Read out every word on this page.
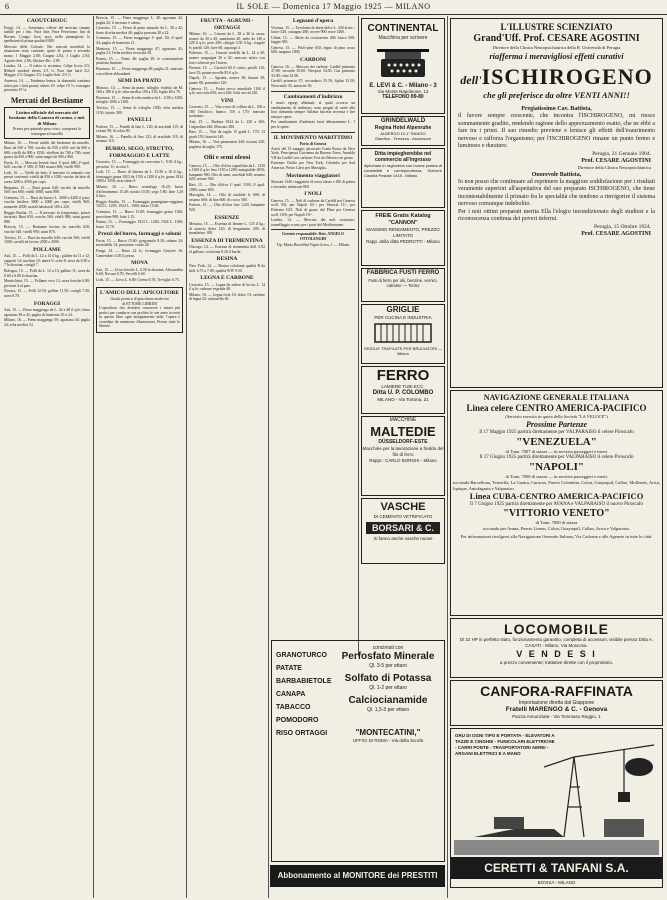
6	IL SOLE — Domenica 17 Maggio 1925 — MILANO
CAOUTCHOUC

Parigi, 14. — Sostenuto; offerte del mercato rimane stabile per i fini. Para fine; Para Peruviano; fini di Borneo, Congo; Java; noci; nelle piantagioni; le spedizioni di prima qualità 8.800.

Mercato delle Colonie. Nei mercati mondiali la situazione resta costante; quote di prima e seconda mano; 1 Maggio 2.80; Giugno 2.82; 1 Luglio 2.84; Agosto-Sett. 2.86; Ottobre-Dic. 2.90.

Londra, 14. — Il rialzo si accentua. Crêpe liscio 2/3; Ribbed smoked sheets 2/3 ¼; Para fine hard 2/2; Maggio 2/3; Giugno 2/3; Luglio-Sett. 2/3 ½.

Anversa, 14. — Tendenza ferma; la domanda continua attiva per i lotti pronti; sheets 19; crêpe 19 ½; consegna prossima 19 ¼.

Mercati del Bestiame
Listino ufficiale del mercato del bestiame della Camera di comm. e ind. di Milano
Prezzi per quintale peso vivo, compresa la consegna al macello

Milano, 16. — Prezzi stabili del bestiame da macello. Buoi da 650 a 700; vacche da 550 a 650; tori da 600 a 680; vitelli da 900 a 1050; vitelloni da 700 a 780; suini grassi da 850 a 900; suini magri da 900 a 960.

Pavia, 15. — Mercato bovini: buoi 1ª qual. 680; 2ª qual. 620; vacche 1ª 580; 2ª 500; manzi 600; vitelli 980.

Lodi, 16. — Vitelli da latte, il mercato fu animato con prezzi sostenuti; vitelli da 950 a 1050; vacche da latte di razza 3200 a 4500 per capo.

Bergamo, 15. — Buoi grassi 640; vacche da macello 560; tori 600; vitelli 1000; suini 880.

Cremona, 15. — Buoi da lavoro L. 3600 a 4200 il paio; vacche lattifere 3000 a 4000 per capo; vitelli 960; manzette 2000; maiali lattonzoli 180 a 220.

Reggio Emilia, 15. — Il mercato fu frequentato; prezzi invariati. Buoi 650; vacche 560; vitelli 980; suini grassi 880.

Brescia, 15. — Bestiame bovino da macello 620; vacche 540; vitelli 990; suini 870.

Treviso, 15. — Buoi da macello 640; vacche 560; vitelli 1000; cavalli da lavoro 2500 a 4500.

POLLAME

Asti, 15. — Polli da L. 12 a 14 il kg.; galline da 11 a 12; capponi 14; tacchini 10; anitre 9; oche 8; uova da 6.50 a 7 la dozzina; conigli 7.

Bologna, 15. — Polli da L. 12 a 13; galline 11; uova da 6.60 a 6.80 la dozzina.

Montichiari, 15. — Pollame vivo 12; uova fresche 6.80; piccioni 4 al paio.

Novara, 15. — Polli 12.50; galline 11.50; conigli 7.50; uova 6.70.

FORAGGI

Asti, 15. — Fieno maggengo da L. 42 a 48 il q.le; fieno agostano 38 a 42; paglia di frumento 20 a 24.

Milano, 16. — Fieno maggengo 50; agostano 44; paglia 24; erba medica 52.

Brescia, 15. — Fieno maggengo L. 48; agostano 42; paglia 22; il mercato è calmo.

Grosseto, 15. — Fieno di prato naturale da L. 38 a 42; fieno di erba medica 46; paglia pressata 20 a 22.

Cremona, 15. — Fieno maggengo 1ª qual. 50; 2ª qual. 44; paglia di frumento 21.

Mantova, 15. — Fieno maggengo 47; agostano 41; paglia 21; l'erba medica ricercata 50.

Parma, 15. — Fieno 46; paglia 20; le contrattazioni piuttosto limitate.

Piacenza, 15. — Fieno maggengo 48; paglia 21; mercato con offerte abbondanti.

SEMI DA PRATO

Monaco, 14. — Semi da prato: trifoglio violetto da M. 160 a 180 il q.le; erba medica 190 a 210; loglio 60 a 70.

Piacenza, 15. — Seme di erba medica da L. 1100 a 1200; trifoglio 1000 a 1100.

Treviso, 15. — Seme di trifoglio 1050; erba medica 1150; loietto 380.

PANELLI

Padova, 15. — Panelli di lino L. 120; di arachide 115; di cotone 98; di colza 80.

Milano, 16. — Panello di lino 122; di arachide 118; di sesamo 110.

BURRO, SEGO, STRUTTO, FORMAGGIO E LATTE

Grosseto, 15. — Formaggio in crescenza L. 9.50 il kg.; pecorino 11; ricotta 5.

Lodi, 15. — Burro di latteria da L. 15.50 a 16 il kg.; formaggio grana 1923 da 1150 a 1200 il q.le; grana 1924 1000 a 1050; stracchino 9.

Milano, 16. — Burro centrifuga 16.20; burro d'affioramento 15.40; strutto 10.50; sego 5.80; latte 1.20 il litro.

Reggio Emilia, 15. — Formaggio parmigiano-reggiano 1923 L. 1250; 1924 L. 1080; burro 15.60.

Cremona, 15. — Burro 15.80; formaggio grana 1100; provolone 980; latte 1.15.

Parma, 15. — Formaggio 1923 L. 1260; 1924 L. 1100; burro 15.70.

Prezzi del burro, formaggi e salumi

Pavia, 15. — Burro 15.60; gorgonzola 9.20; salame 24; mortadella 14; prosciutto crudo 28.

Parigi, 14. — Burro 22 fr.; formaggio Gruyère 16; Camembert 4.50 il pezzo.

MOVA

Asti, 15. — Uova fresche L. 6.50 la dozzina; Alessandria 6.60; Novara 6.70; Vercelli 6.60.

Lodi, 15. — Uova L. 6.80; Crema 6.70; Treviglio 6.75.

L'AMICO DELL'APICOLTORE
Guida pratica d'apicoltura moderna
di ETTORE LIBRINI

L'apicoltore che desidera conoscere i mezzi più pratici per condurre con profitto le sue arnie troverà in questo libro ogni insegnamento utile; l'opera è corredata da numerose illustrazioni. Presso tutte le librerie.

FRUTTA - AGRUMI - ORTAGGI

Milano, 16. — Limoni da L. 28 a 36 la cassa; arance da 30 a 45; mandarini 40; mele da 140 a 220 il q.le; pere 200; ciliegie 3.50 il kg.; fragole 6; piselli 120; fave 60; asparagi 4.

Palermo, 15. — Limoni verdelli da L. 24 a 30; arance sanguigne 36 a 42; mercato attivo con forti richieste per l'estero.

Firenze, 15. — Carciofi 60 il cento; piselli 110; fave 55; patate novelle 85 il q.le.

Napoli, 15. — Agrumi, arance 38; limoni 30; patate 80; pomodori 120.

Genova, 15. — Frutta secca: mandorle 1100 il q.le; nocciole 650; noci 420; fichi secchi 220.

VINI

Grosseto, 15. — Vino rosso di collina da L. 160 a 180 l'ettolitro; bianco 150 a 170; mercato sostenuto.

Asti, 15. — Barbera 1924 da L. 220 a 260; Grignolino 240; Moscato 280.

Bari, 15. — Vini da taglio 15 gradi L. 170; 13 gradi 150; bianchi 140.

Milano, 16. — Vini piemontesi 240; toscani 220; pugliesi da taglio 175.

Olii e semi oleosi

Genova, 15. — Olio d'oliva sopraffino da L. 1250 a 1300 il q.le; fino 1150 a 1200; mangiabile 1050; lampante 900. Olio di semi: arachide 640; sesamo 620; cotone 560.

Bari, 15. — Olio d'oliva 1ª qual. 1180; 2ª qual. 1080; sanse 600.

Marsiglia, 14. — Olio di arachide fr. 680; di sesamo 660; di lino 600; di cocco 580.

Padova, 15. — Olio d'oliva fino 1220; lampante 920.

ESSENZE

Messina, 15. — Essenza di limone L. 125 il kg.; di arancio dolce 120; di bergamotto 205; di mandarino 180.

ESSENZA DI TREMENTINA

Chicago, 14. — Essenza di trementina doll. 0.82 al gallone; colofonia 8.20 il barile.

RESINA

New York, 14. — Resina colofonia qualità B da doll. 6.75 a 7.00; qualità WW 9.50.

LEGNA E CARBONE

Grosseto, 15. — Legna da ardere di leccio L. 14 il q.le; carbone vegetale 48.

Milano, 16. — Legna forte 16; dolce 13; carbone di legna 52; carbonella 40.

Legnami d'opera

Vicenza, 15. — Tavolame di abete dolce L. 420 al mc.; larice 520; castagno 480; rovere 900; noce 1400.

Udine, 15. — Abete da costruzione 400; larice 500; faggio 380.

Genova, 15. — Pitch-pine 650; legno di pino rosso 600; mogano 1800.

CARBONI

Genova, 16. — Mercato dei carboni: Cardiff primario 37.00; secondo 35.60; Newport 34.50; Gas primario 33.00; coke 41.00.

Cardiff primario 37; secondario 35.50; Splint 33.50; Newcastle 33; antracite 50.

Cambiamenti d'indirizzo

I nostri egregi abbonati, ai quali occorra un cambiamento di indirizzo, sono pregati di unire alla loro domanda sempre l'ultima fascetta ricevuta e lire una per spese.

Per cambiamenti d'indirizzo fuori abbonamento L. 1 per le spese.

IL MOVIMENTO MARITTIMO
Porto di Genova

Arrivi del 15 maggio: piroscafo Conte Rosso da New York; Principessa Giovanna da Buenos Aires; Ansaldo VII da Cardiff con carbone; Fert da Odessa con grano.

Partenze: Duilio per New York; Colombo per Sud America; Pietro Calvi per Marsiglia.

Movimento viaggiatori

Sbarcati 1240 viaggiatori di terza classe e 180 di prima e seconda; imbarcati 860.

I NOLI

Genova, 15. — Noli di carbone da Cardiff per Genova scell. 9/6; per Napoli 10/-; per Venezia 11/-; per Palermo 10/3. Noli di grano dal Plata per Genova scell. 18/6; per Napoli 19/-.

Londra, 14. — Mercato dei noli sostenuto; tonnellaggio scarso per i porti del Mediterraneo.

Gerente responsabile: Dott. ANGELO OTTOLENGHI

Tip. Mario Borsellini Vigna Greco, 1 — Milano

CONTINENTAL
Macchina per scrivere
E. LEVI & C. - Milano - 3
Via Monte Napoleone, 13
TELEFONO 89-80
GRINDELWALD
Regina Hotel Alpenruhe
ALBERGO DI 1° RANGO
Giardino - Terrazza - Ascensore
Ditta impiegherebbe nel commercio all'ingrosso
diplomato in ragioneria con buona pratica di contabilità e corrispondenza. Scrivere Casella Postale 1418 - Milano.
FREIE Gratis Katalog "CANNON"
MASSIMO RENDIMENTO, PREZZO LIMITATO
Rapp. della ditta PEDROTTI - Milano
FABBRICA FUSTI FERRO
Fusti di ferro per olii, benzine, vernici, catrame — Torino
GRIGLIE
PER CUCINA E INDUSTRIA
GRIGLIE TRAFILATE PER BRUCIATORI — Milano
FERRO
LAMIERE TUBI ECC.
Ditta U. P. COLOMBO
MILANO - Via Tortona, 21
MACCHINE
MALTEDIE
DÜSSELDORF-ESTE
Macchine per la lavorazione a freddo del filo di ferro
Rappr.: CARLO BORGHI - Milano
VASCHE
DI CEMENTO VETRIFICATO
BORSARI & C.
Si fanno anche vasche nuove
GRANOTURCO PATATE BARBABIETOLE CANAPA TABACCO POMODORO RISO ORTAGGI
concimati con
Perfosfato Minerale
Ql. 3-5 per ettaro
Solfato di Potassa
Ql. 1-2 per ettaro
Calciocianamide
Ql. 1,5-3 per ettaro
"MONTECATINI,"
UFFICI DI ROMA - Via della Scrofa
Abbonamento al MONITORE dei PRESTITI L.15
L'ILLUSTRE SCIENZIATO
Grand'Uff. Prof. CESARE AGOSTINI
Direttore della Clinica Neuropsichiatrica della R. Università di Perugia
riafferma i meravigliosi effetti curativi
dell'ISCHIROGENO
che gli preferisce da oltre VENTI ANNI!!
Pregiatissimo Cav. Battista,
il favore sempre crescente, che incontra l'ISCHIROGENO, mi riesce sommamente gradito, rendendo ragione dello apprezzamento esatto, che ne ebbi a fare tra i primi. Il suo rimedio previene e lenisce gli effetti dell'esaurimento nervoso e rafforza l'organismo; per l'ISCHIROGENO rimane un punto fermo e luminoso e duraturo.
Perugia, 21 Gennaio 1904.
Prof. CESARE AGOSTINI
Direttore della Clinica Neuropsichiatrica
Onorevole Battista,
Io non posso che continuare ad esprimere la maggiore soddisfazione per i risultati veramente superiori all'aspettativa del suo preparato ISCHIROGENO, che tiene incontestabilmente il primato fra le specialità che tendono a rinvigorire il sistema nervoso comunque indebolito.
Per i noti ottimi preparati merita Ella l'elogio incondizionato degli studiosi e la riconoscenza continua dei poveri infermi.
Perugia, 15 Ottobre 1924.
Prof. CESARE AGOSTINI
NAVIGAZIONE GENERALE ITALIANA
Linea celere CENTRO AMERICA-PACIFICO
(Servizio esercito in quota della Società "LA VELOCE")
Prossime Partenze
Il 17 Maggio 1925 partirà direttamente per VALPARAISO il celere Piroscafo
"VENEZUELA"
di Tonn. 7007 di stazza — in servizio passeggeri e merci
Il 17 Giugno 1925 partirà direttamente per VALPARAISO il celere Piroscafo
"NAPOLI"
di Tonn. 7000 di stazza — in servizio passeggeri e merci
toccando Barcellona, Teneriffa, La Guaira, Curacao, Puerto Colombia, Colon, Guayaquil, Callao, Mollendo, Arica, Iquique, Antofagasta e Valparaiso.
Linea CUBA-CENTRO AMERICA-PACIFICO
Il 7 Giugno 1925 partirà direttamente per AVANA e VALPARAISO il nuovo Piroscafo
"VITTORIO VENETO"
di Tonn. 7000 di stazza
toccando per Avana, Puerto Limon, Colon, Guayaquil, Callao, Arica e Valparaiso.
Per informazioni rivolgersi alla Navigazione Generale Italiana, Via Cadorna e alle Agenzie in tutte le città.
LOCOMOBILE
Di 22 HP in perfetto stato, funzionamento garantito, completa di accessori, visibile presso Ditta A. CASATI - Milano, Via Moscova.
V E N D E S I
a prezzo conveniente; trattative dirette con il proprietario.
CANFORA-RAFFINATA
Importazione diretta dal Giappone
Fratelli MARENGO & C. - Genova
Piazza Annunziata - Via Tommaso Reggio, 1
GRU DI OGNI TIPO E PORTATA - ELEVATORI A TAZZE E CINGHIE - FUNICOLARI ELETTRICHE - CARRI PONTE - TRASPORTATORI AEREI - ARGANI ELETTRICI E A MANO
CERETTI & TANFANI S.A.
BOVISA - MILANO
